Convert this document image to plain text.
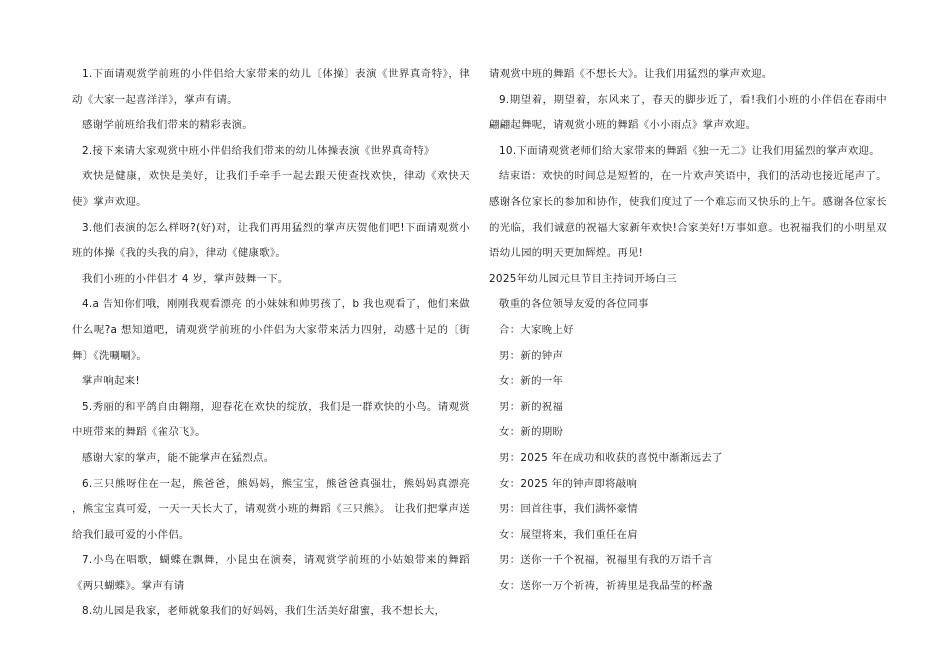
1.下面请观赏学前班的小伴侣给大家带来的幼儿〔体操〕表演《世界真奇特》，律动《大家一起喜洋洋》，掌声有请。

感谢学前班给我们带来的精彩表演。

2.接下来请大家观赏中班小伴侣给我们带来的幼儿体操表演《世界真奇特》

欢快是健康，欢快是美好，让我们手牵手一起去跟天使查找欢快，律动《欢快天使》掌声欢迎。

3.他们表演的怎么样呀?(好)对，让我们再用猛烈的掌声庆贺他们吧!下面请观赏小班的体操《我的头我的肩》，律动《健康歌》。

我们小班的小伴侣才 4 岁，掌声鼓舞一下。

4.a 告知你们哦，刚刚我观看漂亮 的小妹妹和帅男孩了，b 我也观看了，他们来做什么呢?a 想知道吧，请观赏学前班的小伴侣为大家带来活力四射，动感十足的〔街舞〕《洗唰唰》。

掌声响起来!

5.秀丽的和平鸽自由翱翔，迎春花在欢快的绽放，我们是一群欢快的小鸟。请观赏中班带来的舞蹈《雀尕飞》。

感谢大家的掌声，能不能掌声在猛烈点。

6.三只熊呀住在一起，熊爸爸，熊妈妈，熊宝宝，熊爸爸真强壮，熊妈妈真漂亮 ，熊宝宝真可爱，一天一天长大了，请观赏小班的舞蹈《三只熊》。 让我们把掌声送给我们最可爱的小伴侣。

7.小鸟在唱歌，蝴蝶在飘舞，小昆虫在演奏，请观赏学前班的小姑娘带来的舞蹈《两只蝴蝶》。掌声有请

8.幼儿园是我家，老师就象我们的好妈妈，我们生活美好甜蜜，我不想长大，

请观赏中班的舞蹈《不想长大》。让我们用猛烈的掌声欢迎。

9.期望着，期望着，东风来了，春天的脚步近了，看!我们小班的小伴侣在春雨中翩翩起舞呢，请观赏小班的舞蹈《小小雨点》掌声欢迎。

10.下面请观赏老师们给大家带来的舞蹈《独一无二》让我们用猛烈的掌声欢迎。

结束语：欢快的时间总是短暂的，在一片欢声笑语中，我们的活动也接近尾声了。感谢各位家长的参加和协作，使我们度过了一个难忘而又快乐的上午。感谢各位家长的光临，我们诚意的祝福大家新年欢快!合家美好!万事如意。也祝福我们的小明星双语幼儿园的明天更加辉煌。再见!

2025年幼儿园元旦节目主持词开场白三

敬重的各位领导友爱的各位同事

合：大家晚上好

男：新的钟声

女：新的一年

男：新的祝福

女：新的期盼

男：2025 年在成功和收获的喜悦中渐渐远去了

女：2025 年的钟声即将敲响

男：回首往事，我们满怀豪情

女：展望将来，我们重任在肩

男：送你一千个祝福，祝福里有我的万语千言

女：送你一万个祈祷，祈祷里是我晶莹的杯盏
